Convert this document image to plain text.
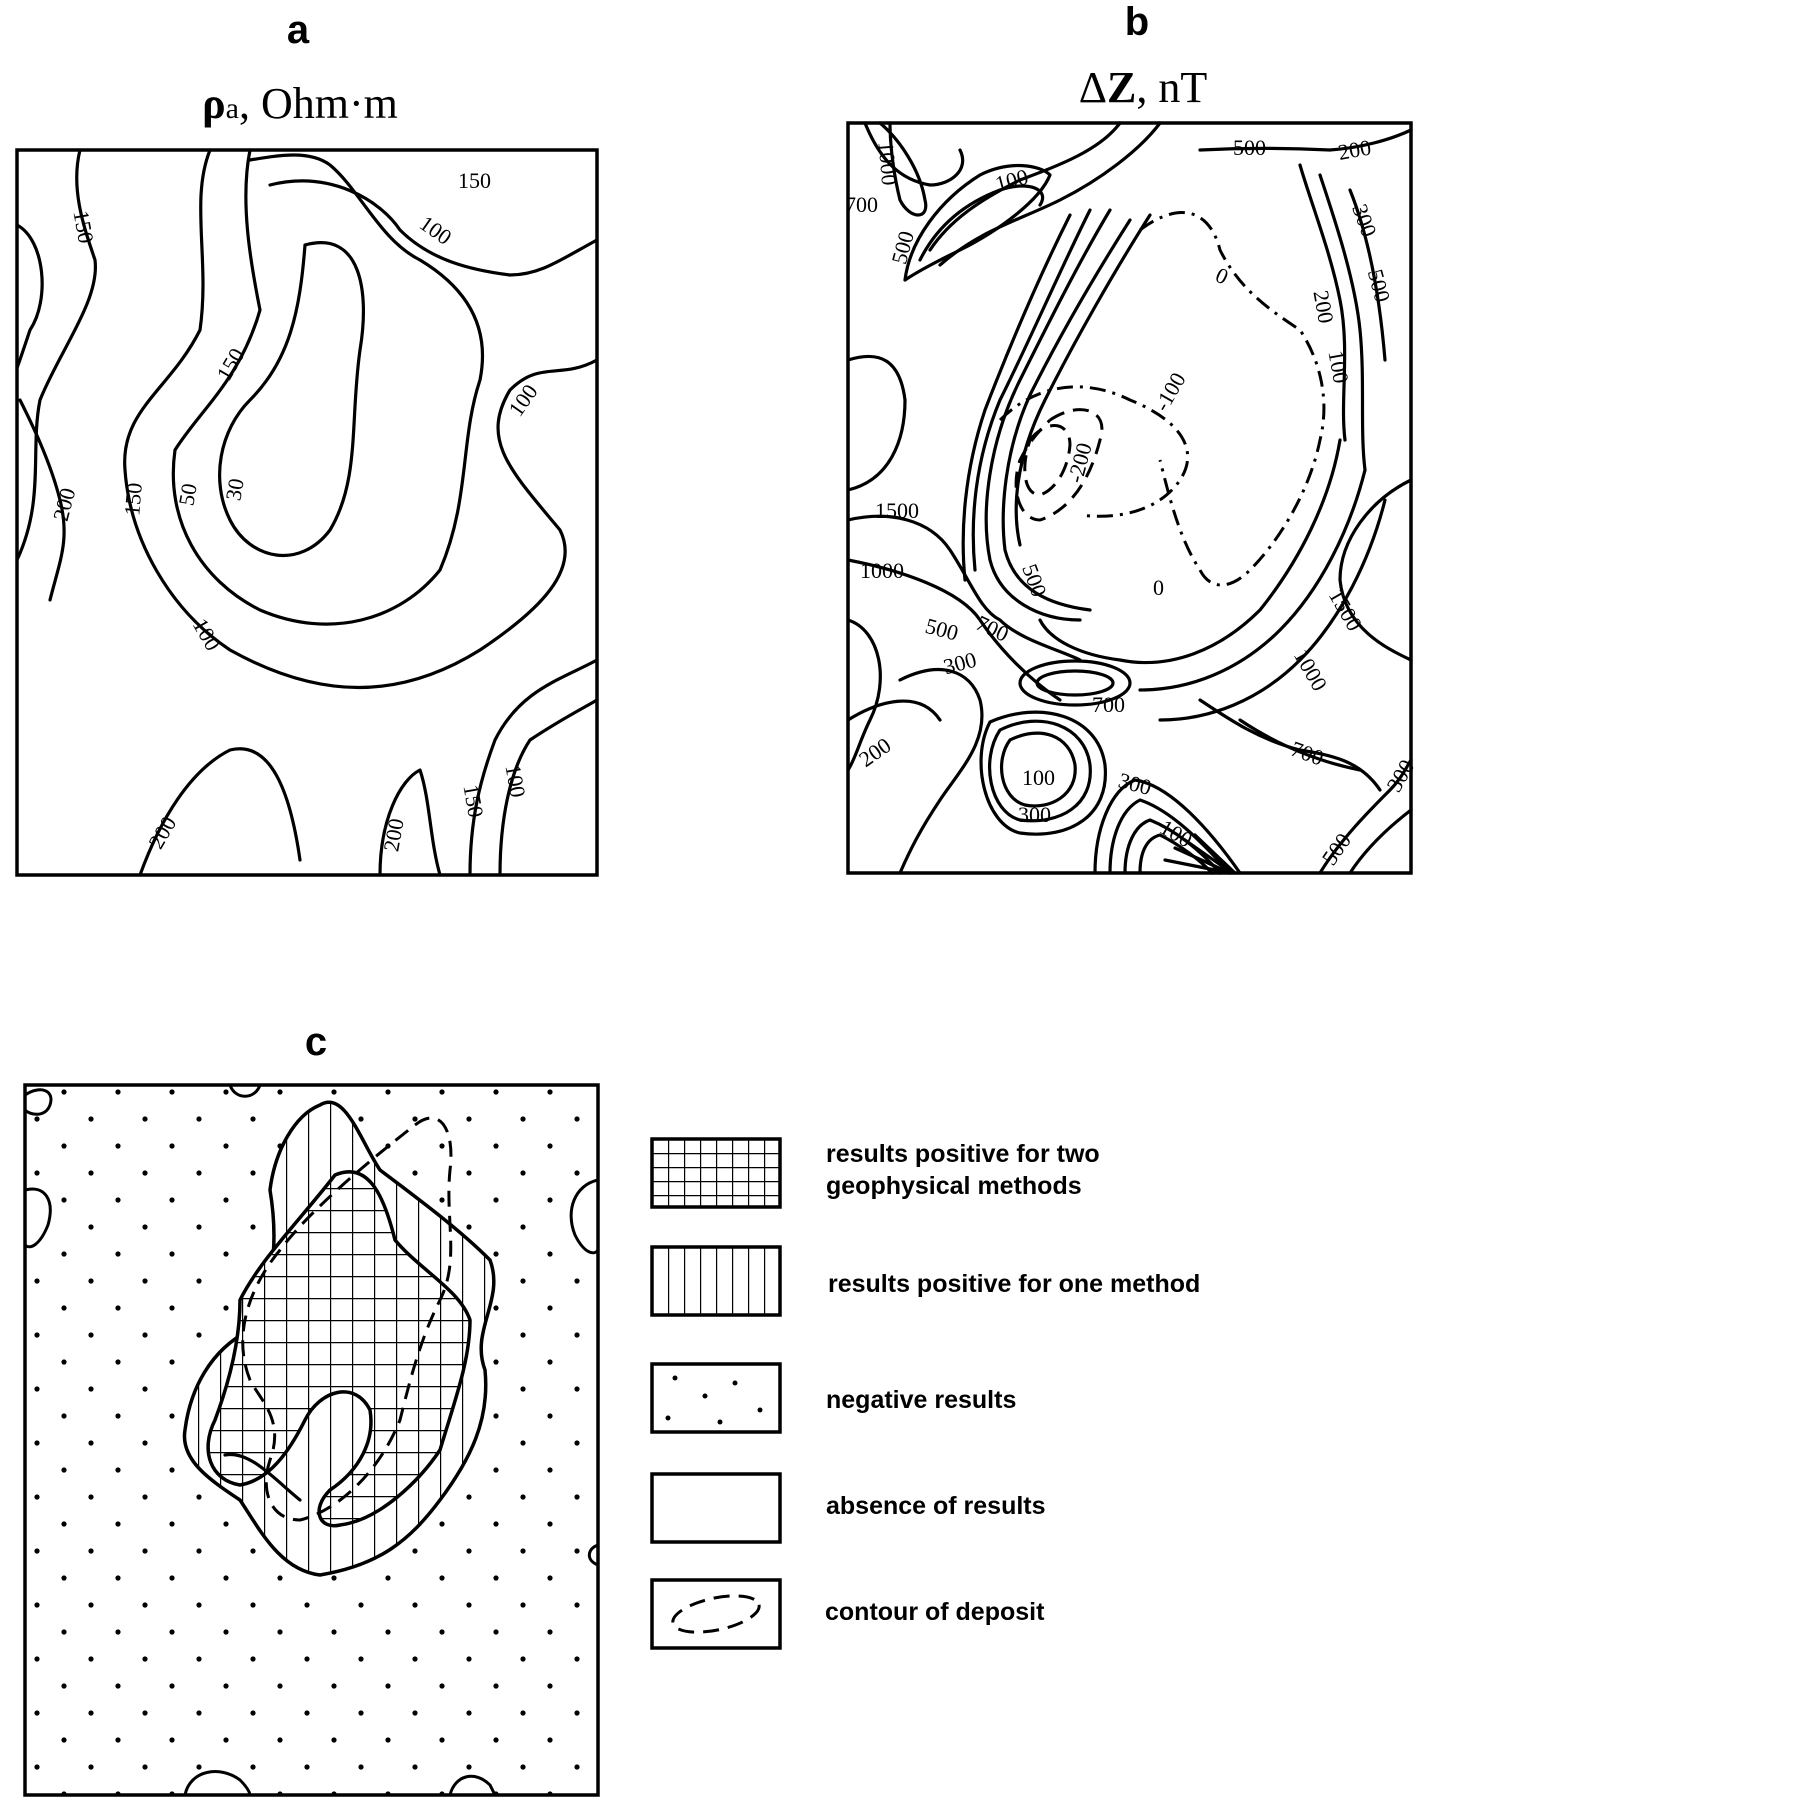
a
ρa, Ohm·m
150
150	100
150
100
200 150 50 30
100
200	200
150
100
b
ΔZ, nT
1000
700
500
100
500	200
300
500
0
200
100
-100
-200
1500
1000
0
500
700
500
300
1500
1000
700
700
200
100
300
300
100
300
500
c
results positive for two
geophysical methods
results positive for one method
negative results
absence of results
contour of deposit
